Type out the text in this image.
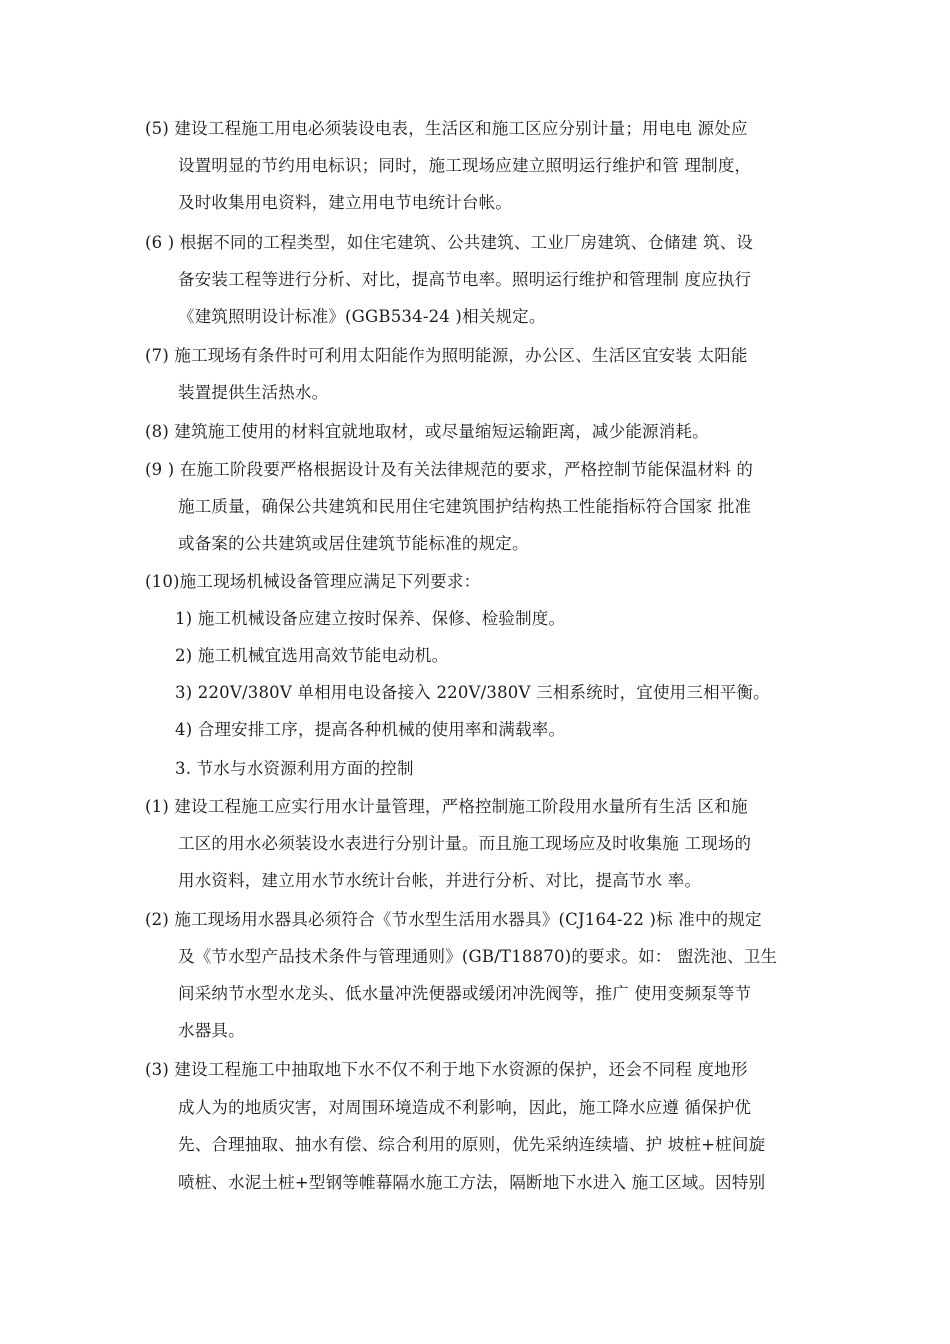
(5) 建设工程施工用电必须装设电表，生活区和施工区应分别计量；用电电 源处应
设置明显的节约用电标识；同时，施工现场应建立照明运行维护和管 理制度，
及时收集用电资料，建立用电节电统计台帐。
(6 ) 根据不同的工程类型，如住宅建筑、公共建筑、工业厂房建筑、仓储建 筑、设
备安装工程等进行分析、对比，提高节电率。照明运行维护和管理制 度应执行
《建筑照明设计标准》(GGB534-24 )相关规定。
(7) 施工现场有条件时可利用太阳能作为照明能源，办公区、生活区宜安装 太阳能
装置提供生活热水。
(8) 建筑施工使用的材料宜就地取材，或尽量缩短运输距离，减少能源消耗。
(9 ) 在施工阶段要严格根据设计及有关法律规范的要求，严格控制节能保温材料 的
施工质量，确保公共建筑和民用住宅建筑围护结构热工性能指标符合国家 批准
或备案的公共建筑或居住建筑节能标准的规定。
(10)施工现场机械设备管理应满足下列要求：
1) 施工机械设备应建立按时保养、保修、检验制度。
2) 施工机械宜选用高效节能电动机。
3) 220V/380V 单相用电设备接入 220V/380V 三相系统时，宜使用三相平衡。
4) 合理安排工序，提高各种机械的使用率和满载率。
3. 节水与水资源利用方面的控制
(1) 建设工程施工应实行用水计量管理，严格控制施工阶段用水量所有生活 区和施
工区的用水必须装设水表进行分别计量。而且施工现场应及时收集施 工现场的
用水资料，建立用水节水统计台帐，并进行分析、对比，提高节水 率。
(2) 施工现场用水器具必须符合《节水型生活用水器具》(CJ164-22 )标 准中的规定
及《节水型产品技术条件与管理通则》(GB/T18870)的要求。如： 盥洗池、卫生
间采纳节水型水龙头、低水量冲洗便器或缓闭冲洗阀等，推广 使用变频泵等节
水器具。
(3) 建设工程施工中抽取地下水不仅不利于地下水资源的保护，还会不同程 度地形
成人为的地质灾害，对周围环境造成不利影响，因此，施工降水应遵 循保护优
先、合理抽取、抽水有偿、综合利用的原则，优先采纳连续墙、护 坡桩+桩间旋
喷桩、水泥土桩+型钢等帷幕隔水施工方法，隔断地下水进入 施工区域。因特别
